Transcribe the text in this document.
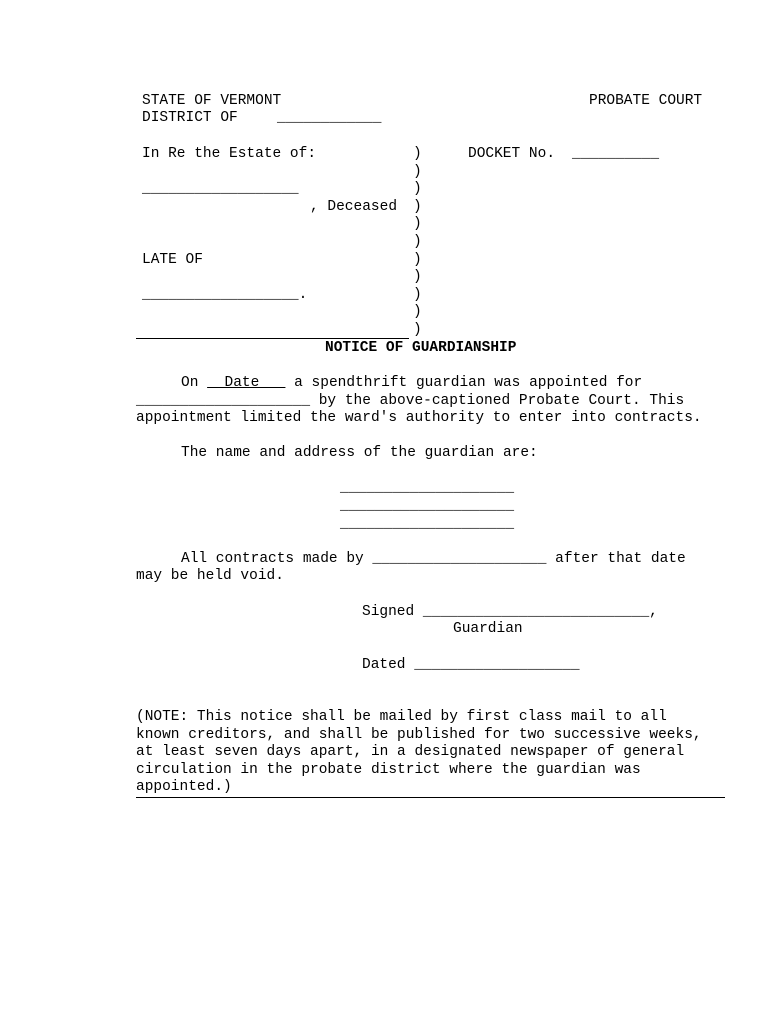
STATE OF VERMONT	PROBATE COURT
DISTRICT OF	____________
In Re the Estate of:	DOCKET No. __________
__________________
, Deceased
LATE OF
__________________.
)
)
)
)
)
)
)
)
)
)
)
NOTICE OF GUARDIANSHIP
On   Date    a spendthrift guardian was appointed for
____________________ by the above-captioned Probate Court. This
appointment limited the ward's authority to enter into contracts.
The name and address of the guardian are:
____________________
____________________
____________________
All contracts made by ____________________ after that date
may be held void.
Signed __________________________,
Guardian
Dated ___________________
(NOTE: This notice shall be mailed by first class mail to all
known creditors, and shall be published for two successive weeks,
at least seven days apart, in a designated newspaper of general
circulation in the probate district where the guardian was
appointed.)
